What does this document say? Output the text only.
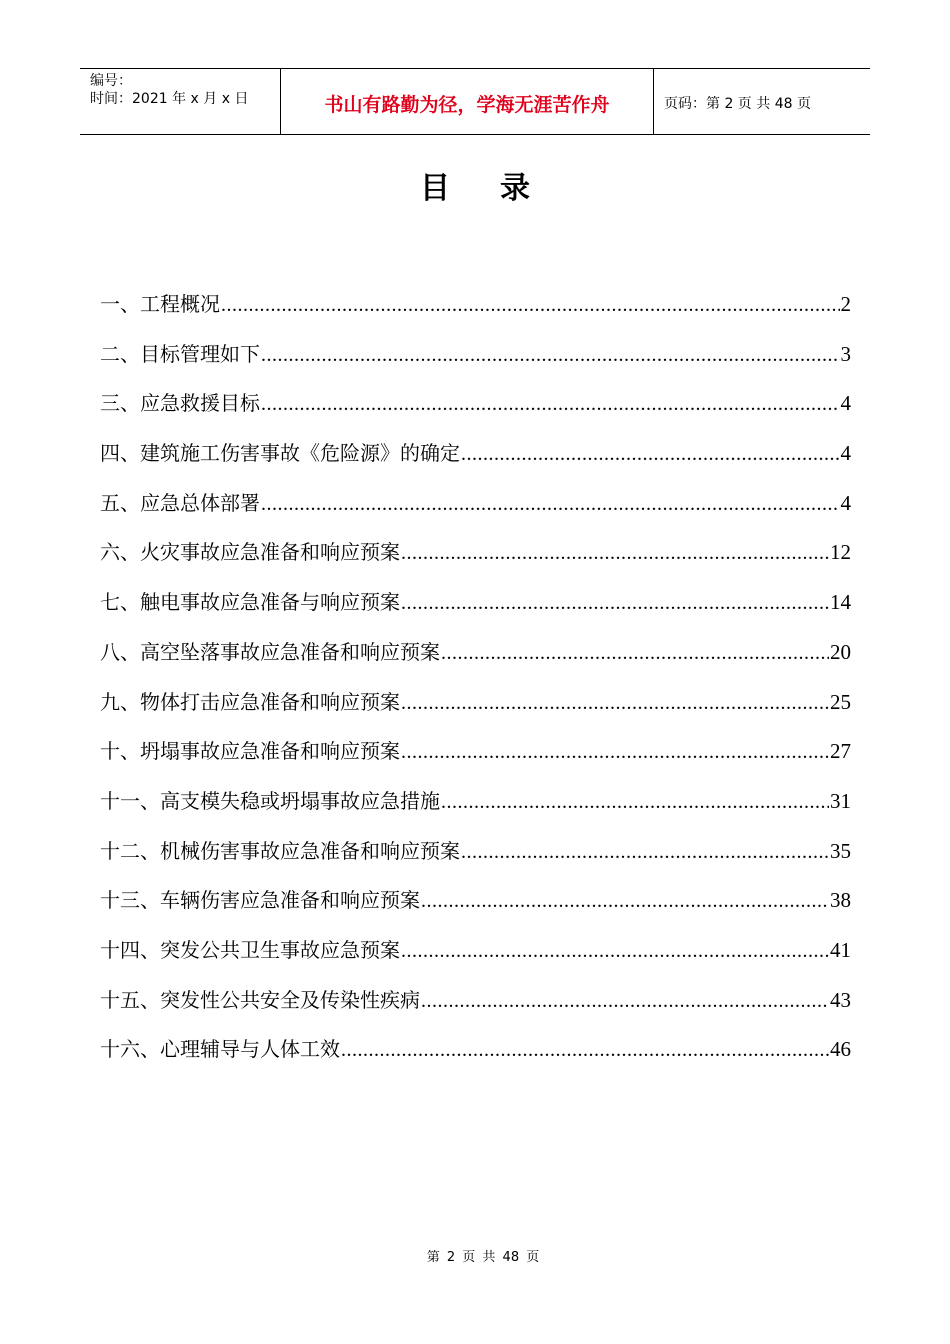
编号：
时间：2021 年 x 月 x 日	书山有路勤为径，学海无涯苦作舟	页码：第 2 页 共 48 页
目录
一、工程概况 .....	2
二、目标管理如下 .....	3
三、应急救援目标 .....	4
四、建筑施工伤害事故《危险源》的确定 .....	4
五、应急总体部署 .....	4
六、火灾事故应急准备和响应预案 .....	12
七、触电事故应急准备与响应预案 .....	14
八、高空坠落事故应急准备和响应预案 .....	20
九、物体打击应急准备和响应预案 .....	25
十、坍塌事故应急准备和响应预案 .....	27
十一、高支模失稳或坍塌事故应急措施 .....	31
十二、机械伤害事故应急准备和响应预案 .....	35
十三、车辆伤害应急准备和响应预案 .....	38
十四、突发公共卫生事故应急预案 .....	41
十五、突发性公共安全及传染性疾病 .....	43
十六、心理辅导与人体工效 .....	46
第 2 页 共 48 页
